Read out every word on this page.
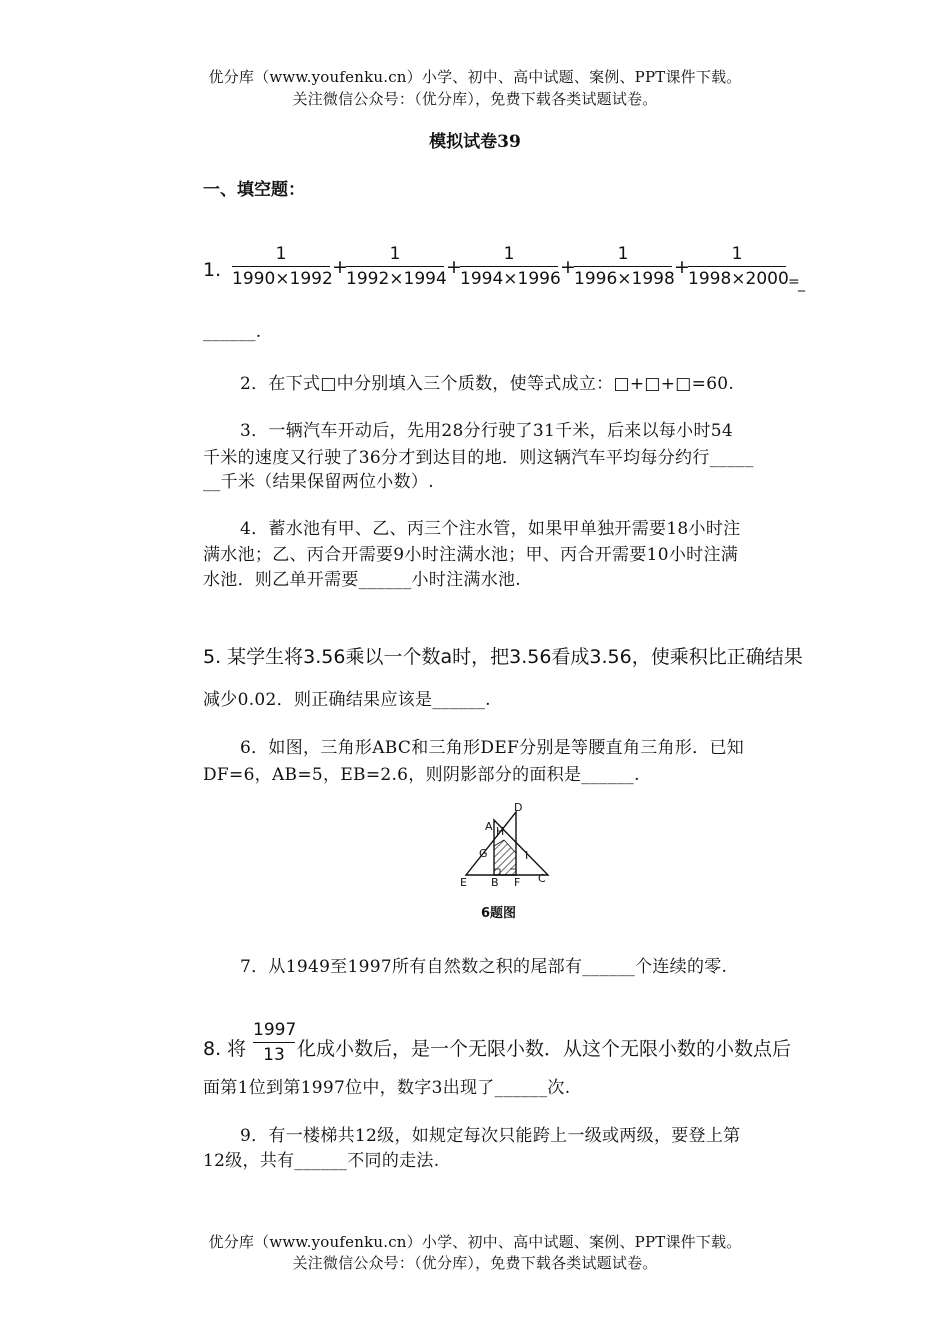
优分库（www.youfenku.cn）小学、初中、高中试题、案例、PPT课件下载。
关注微信公众号：（优分库），免费下载各类试题试卷。
模拟试卷39
一、填空题：
1.
1
1990×1992
+
1
1992×1994
+
1
1994×1996
+
1
1996×1998
+
1
1998×2000 =
_
______.
2．在下式□中分别填入三个质数，使等式成立：□+□+□=60.
3．一辆汽车开动后，先用28分行驶了31千米，后来以每小时54
千米的速度又行驶了36分才到达目的地．则这辆汽车平均每分约行_____
__千米（结果保留两位小数）.
4．蓄水池有甲、乙、丙三个注水管，如果甲单独开需要18小时注
满水池；乙、丙合开需要9小时注满水池；甲、丙合开需要10小时注满
水池．则乙单开需要______小时注满水池.
5. 某学生将3.56乘以一个数a时，把3.56看成3.56，使乘积比正确结果
减少0.02．则正确结果应该是______.
6．如图，三角形ABC和三角形DEF分别是等腰直角三角形．已知
DF=6，AB=5，EB=2.6，则阴影部分的面积是______.
D
A H
G	I
E B F C
6题图
7．从1949至1997所有自然数之积的尾部有______个连续的零.
8. 将
1997
13 化成小数后，是一个无限小数．从这个无限小数的小数点后
面第1位到第1997位中，数字3出现了______次.
9．有一楼梯共12级，如规定每次只能跨上一级或两级，要登上第
12级，共有______不同的走法.
优分库（www.youfenku.cn）小学、初中、高中试题、案例、PPT课件下载。
关注微信公众号：（优分库），免费下载各类试题试卷。
